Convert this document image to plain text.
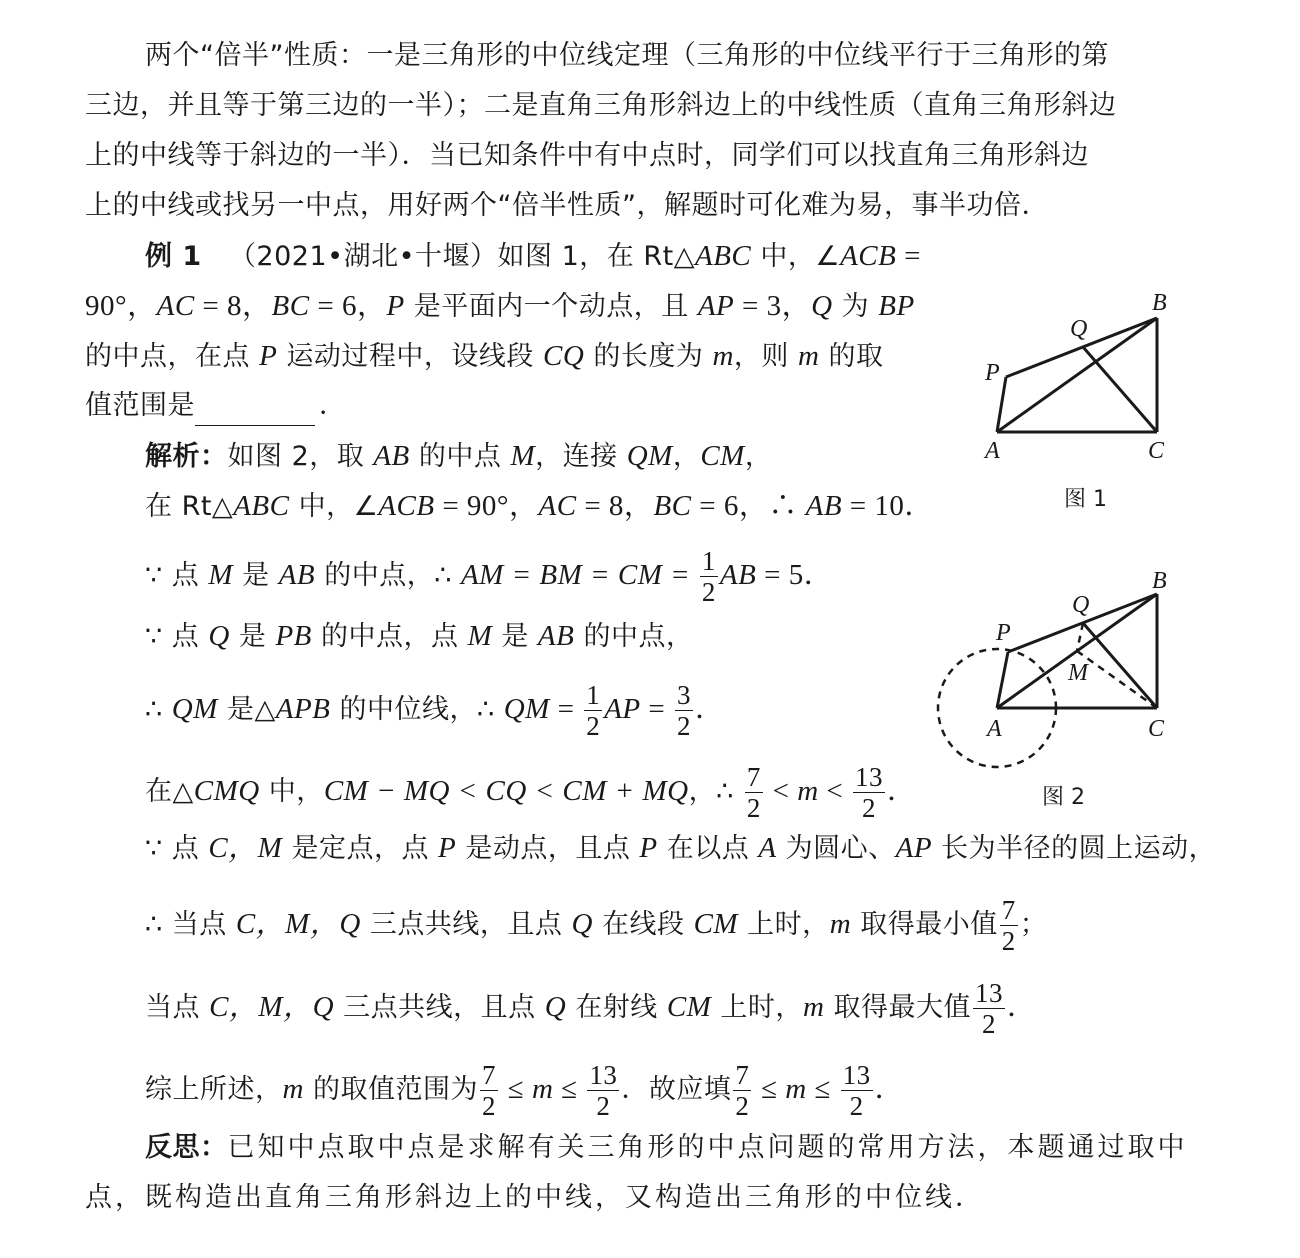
两个“倍半”性质：一是三角形的中位线定理（三角形的中位线平行于三角形的第
三边，并且等于第三边的一半）；二是直角三角形斜边上的中线性质（直角三角形斜边
上的中线等于斜边的一半）．当已知条件中有中点时，同学们可以找直角三角形斜边
上的中线或找另一中点，用好两个“倍半性质”，解题时可化难为易，事半功倍．
例 1 （2021•湖北•十堰）如图 1，在 Rt△ABC 中，∠ACB =
90°，AC = 8，BC = 6，P 是平面内一个动点，且 AP = 3，Q 为 BP
的中点，在点 P 运动过程中，设线段 CQ 的长度为 m，则 m 的取
值范围是	．
A
B
C
P
Q
图 1
A
B
C
P
Q
M
图 2
解析：如图 2，取 AB 的中点 M，连接 QM，CM，
在 Rt△ABC 中，∠ACB = 90°，AC = 8，BC = 6，∴ AB = 10．
∵ 点 M 是 AB 的中点，∴ AM = BM = CM = $\frac{1}{2}$ AB = 5．
∵ 点 Q 是 PB 的中点，点 M 是 AB 的中点，
∴ QM 是△APB 的中位线，∴ QM = $\frac{1}{2}$ AP = $\frac{3}{2}$ ．
在△CMQ 中，CM − MQ < CQ < CM + MQ，∴ $\frac{7}{2} < m < \frac{13}{2}$ ．
∵ 点 C，M 是定点，点 P 是动点，且点 P 在以点 A 为圆心、AP 长为半径的圆上运动，
∴ 当点 C，M，Q 三点共线，且点 Q 在线段 CM 上时，m 取得最小值 $\frac{7}{2}$ ；
当点 C，M，Q 三点共线，且点 Q 在射线 CM 上时，m 取得最大值 $\frac{13}{2}$ ．
综上所述，m 的取值范围为 $\frac{7}{2} \le m \le \frac{13}{2}$ ．故应填 $\frac{7}{2} \le m \le \frac{13}{2}$ ．
反思：已知中点取中点是求解有关三角形的中点问题的常用方法，本题通过取中
点，既构造出直角三角形斜边上的中线，又构造出三角形的中位线．
